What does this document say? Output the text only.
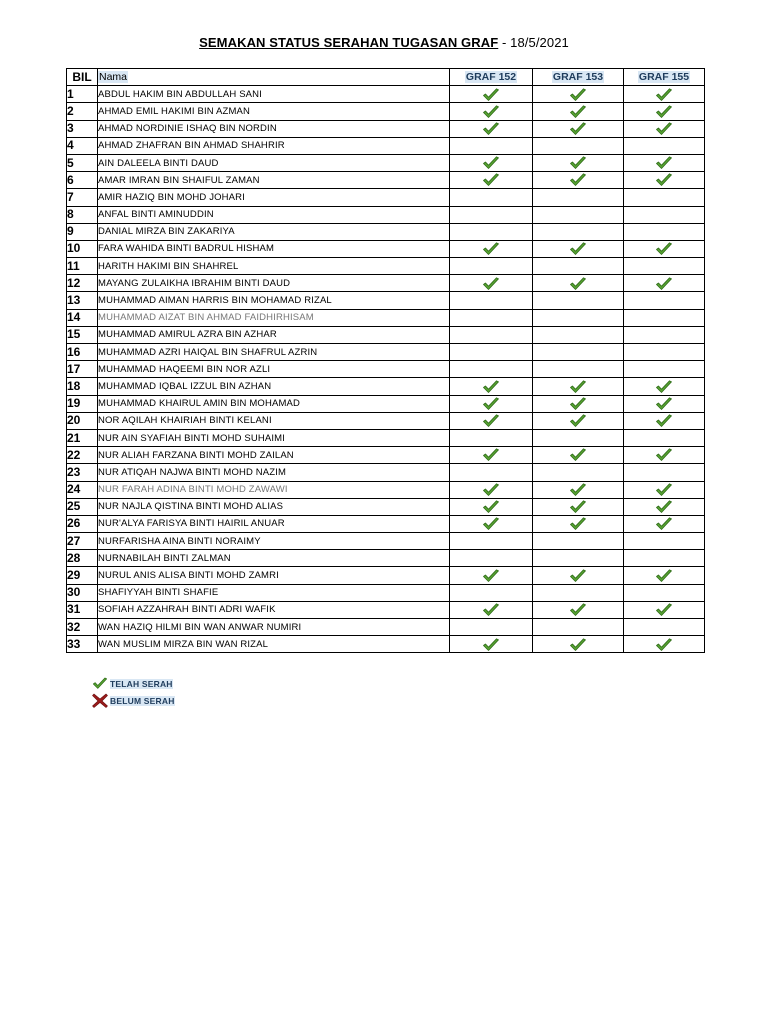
SEMAKAN STATUS SERAHAN TUGASAN GRAF - 18/5/2021
BIL	Nama	GRAF 152	GRAF 153	GRAF 155
1	ABDUL HAKIM BIN ABDULLAH SANI			
2	AHMAD EMIL HAKIMI BIN AZMAN			
3	AHMAD NORDINIE ISHAQ BIN NORDIN			
4	AHMAD ZHAFRAN BIN AHMAD SHAHRIR			
5	AIN DALEELA BINTI DAUD			
6	AMAR IMRAN BIN SHAIFUL ZAMAN			
7	AMIR HAZIQ BIN MOHD JOHARI			
8	ANFAL BINTI AMINUDDIN			
9	DANIAL MIRZA BIN ZAKARIYA			
10	FARA WAHIDA BINTI BADRUL HISHAM			
11	HARITH HAKIMI BIN SHAHREL			
12	MAYANG ZULAIKHA IBRAHIM BINTI DAUD			
13	MUHAMMAD AIMAN HARRIS BIN MOHAMAD RIZAL			
14	MUHAMMAD AIZAT BIN AHMAD FAIDHIRHISAM			
15	MUHAMMAD AMIRUL AZRA BIN AZHAR			
16	MUHAMMAD AZRI HAIQAL BIN SHAFRUL AZRIN			
17	MUHAMMAD HAQEEMI BIN NOR AZLI			
18	MUHAMMAD IQBAL IZZUL BIN AZHAN			
19	MUHAMMAD KHAIRUL AMIN BIN MOHAMAD			
20	NOR AQILAH KHAIRIAH BINTI KELANI			
21	NUR AIN SYAFIAH BINTI MOHD SUHAIMI			
22	NUR ALIAH FARZANA BINTI MOHD ZAILAN			
23	NUR ATIQAH NAJWA BINTI MOHD NAZIM			
24	NUR FARAH ADINA BINTI MOHD ZAWAWI			
25	NUR NAJLA QISTINA BINTI MOHD ALIAS			
26	NUR'ALYA FARISYA BINTI HAIRIL ANUAR			
27	NURFARISHA AINA BINTI NORAIMY			
28	NURNABILAH BINTI ZALMAN			
29	NURUL ANIS ALISA BINTI MOHD ZAMRI			
30	SHAFIYYAH BINTI SHAFIE			
31	SOFIAH AZZAHRAH BINTI ADRI WAFIK			
32	WAN HAZIQ HILMI BIN WAN ANWAR NUMIRI			
33	WAN MUSLIM MIRZA BIN WAN RIZAL			
TELAH SERAH
BELUM SERAH
